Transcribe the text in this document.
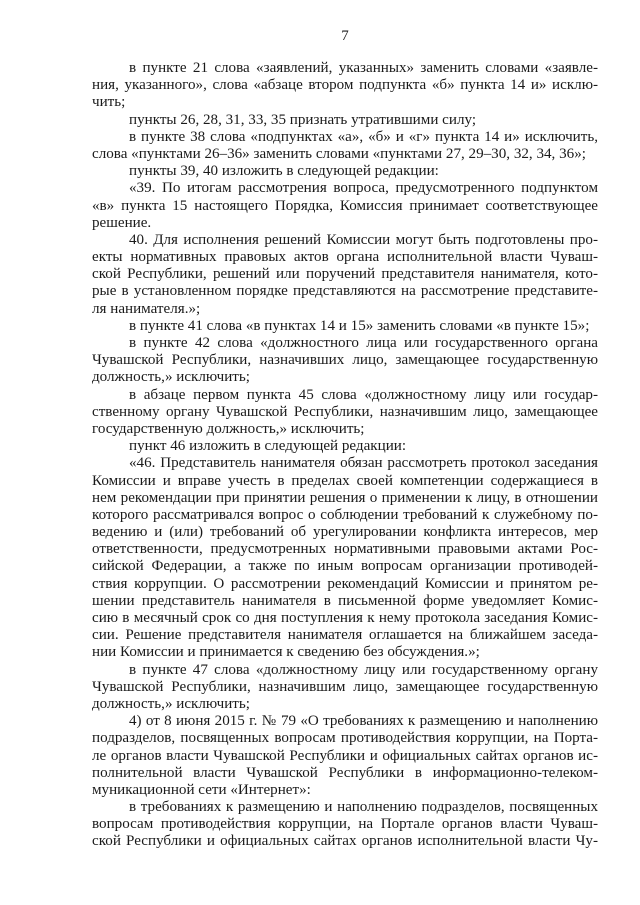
7
в пункте 21 слова «заявлений, указанных» заменить словами «заявле-
ния, указанного», слова «абзаце втором подпункта «б» пункта 14 и» исклю-
чить;
пункты 26, 28, 31, 33, 35 признать утратившими силу;
в пункте 38 слова «подпунктах «а», «б» и «г» пункта 14 и» исключить,
слова «пунктами 26–36» заменить словами «пунктами 27, 29–30, 32, 34, 36»;
пункты 39, 40 изложить в следующей редакции:
«39. По итогам рассмотрения вопроса, предусмотренного подпунктом
«в» пункта 15 настоящего Порядка, Комиссия принимает соответствующее
решение.
40. Для исполнения решений Комиссии могут быть подготовлены про-
екты нормативных правовых актов органа исполнительной власти Чуваш-
ской Республики, решений или поручений представителя нанимателя, кото-
рые в установленном порядке представляются на рассмотрение представите-
ля нанимателя.»;
в пункте 41 слова «в пунктах 14 и 15» заменить словами «в пункте 15»;
в пункте 42 слова «должностного лица или государственного органа
Чувашской Республики, назначивших лицо, замещающее государственную
должность,» исключить;
в абзаце первом пункта 45 слова «должностному лицу или государ-
ственному органу Чувашской Республики, назначившим лицо, замещающее
государственную должность,» исключить;
пункт 46 изложить в следующей редакции:
«46. Представитель нанимателя обязан рассмотреть протокол заседания
Комиссии и вправе учесть в пределах своей компетенции содержащиеся в
нем рекомендации при принятии решения о применении к лицу, в отношении
которого рассматривался вопрос о соблюдении требований к служебному по-
ведению и (или) требований об урегулировании конфликта интересов, мер
ответственности, предусмотренных нормативными правовыми актами Рос-
сийской Федерации, а также по иным вопросам организации противодей-
ствия коррупции. О рассмотрении рекомендаций Комиссии и принятом ре-
шении представитель нанимателя в письменной форме уведомляет Комис-
сию в месячный срок со дня поступления к нему протокола заседания Комис-
сии. Решение представителя нанимателя оглашается на ближайшем заседа-
нии Комиссии и принимается к сведению без обсуждения.»;
в пункте 47 слова «должностному лицу или государственному органу
Чувашской Республики, назначившим лицо, замещающее государственную
должность,» исключить;
4) от 8 июня 2015 г. № 79 «О требованиях к размещению и наполнению
подразделов, посвященных вопросам противодействия коррупции, на Порта-
ле органов власти Чувашской Республики и официальных сайтах органов ис-
полнительной власти Чувашской Республики в информационно-телеком-
муникационной сети «Интернет»:
в требованиях к размещению и наполнению подразделов, посвященных
вопросам противодействия коррупции, на Портале органов власти Чуваш-
ской Республики и официальных сайтах органов исполнительной власти Чу-
